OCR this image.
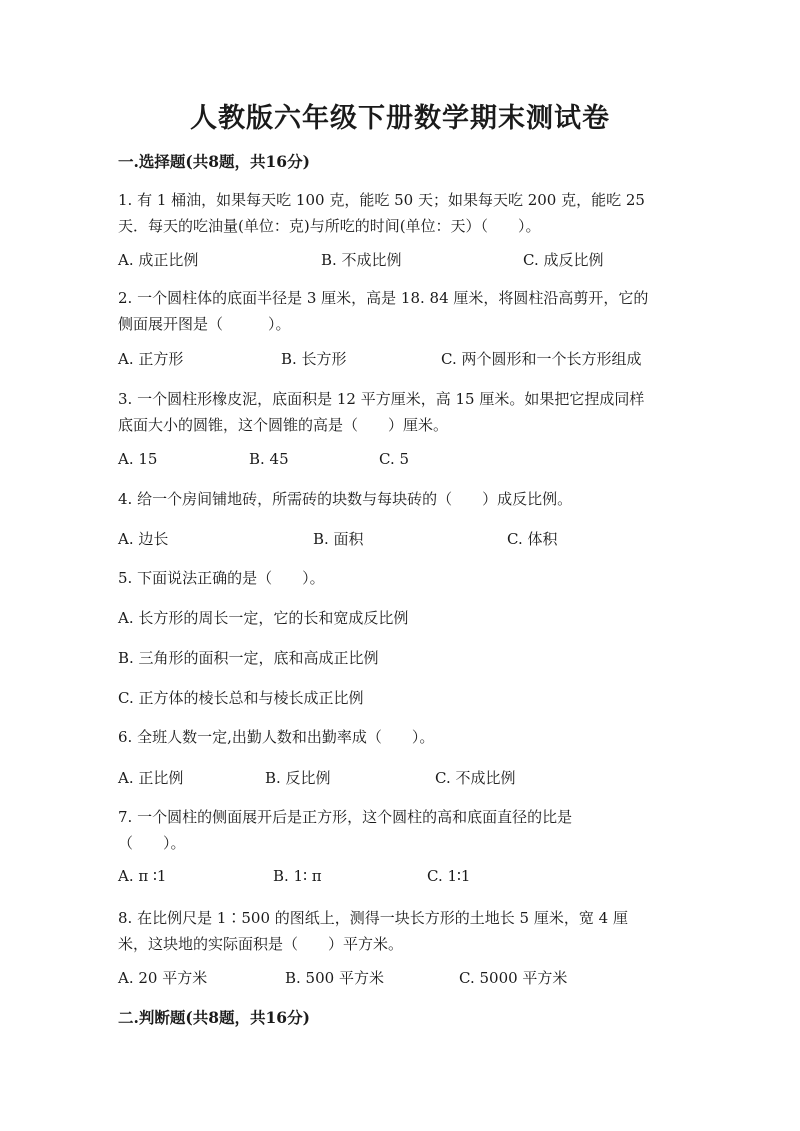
人教版六年级下册数学期末测试卷
一.选择题(共8题，共16分)
1. 有 1 桶油，如果每天吃 100 克，能吃 50 天；如果每天吃 200 克，能吃 25
天．每天的吃油量(单位：克)与所吃的时间(单位：天）（　　）。
A. 成正比例	B. 不成比例	C. 成反比例
2. 一个圆柱体的底面半径是 3 厘米，高是 18. 84 厘米，将圆柱沿高剪开，它的
侧面展开图是（　　　）。
A. 正方形	B. 长方形	C. 两个圆形和一个长方形组成
3. 一个圆柱形橡皮泥，底面积是 12 平方厘米，高 15 厘米。如果把它捏成同样
底面大小的圆锥，这个圆锥的高是（　　）厘米。
A. 15	B. 45	C. 5
4. 给一个房间铺地砖，所需砖的块数与每块砖的（　　）成反比例。
A. 边长	B. 面积	C. 体积
5. 下面说法正确的是（　　）。
A. 长方形的周长一定，它的长和宽成反比例
B. 三角形的面积一定，底和高成正比例
C. 正方体的棱长总和与棱长成正比例
6. 全班人数一定,出勤人数和出勤率成（　　）。
A. 正比例	B. 反比例	C. 不成比例
7. 一个圆柱的侧面展开后是正方形，这个圆柱的高和底面直径的比是
（　　）。
A. π ∶1	B. 1∶ π	C. 1∶1
8. 在比例尺是 1∶500 的图纸上，测得一块长方形的土地长 5 厘米，宽 4 厘
米，这块地的实际面积是（　　）平方米。
A. 20 平方米	B. 500 平方米	C. 5000 平方米
二.判断题(共8题，共16分)
